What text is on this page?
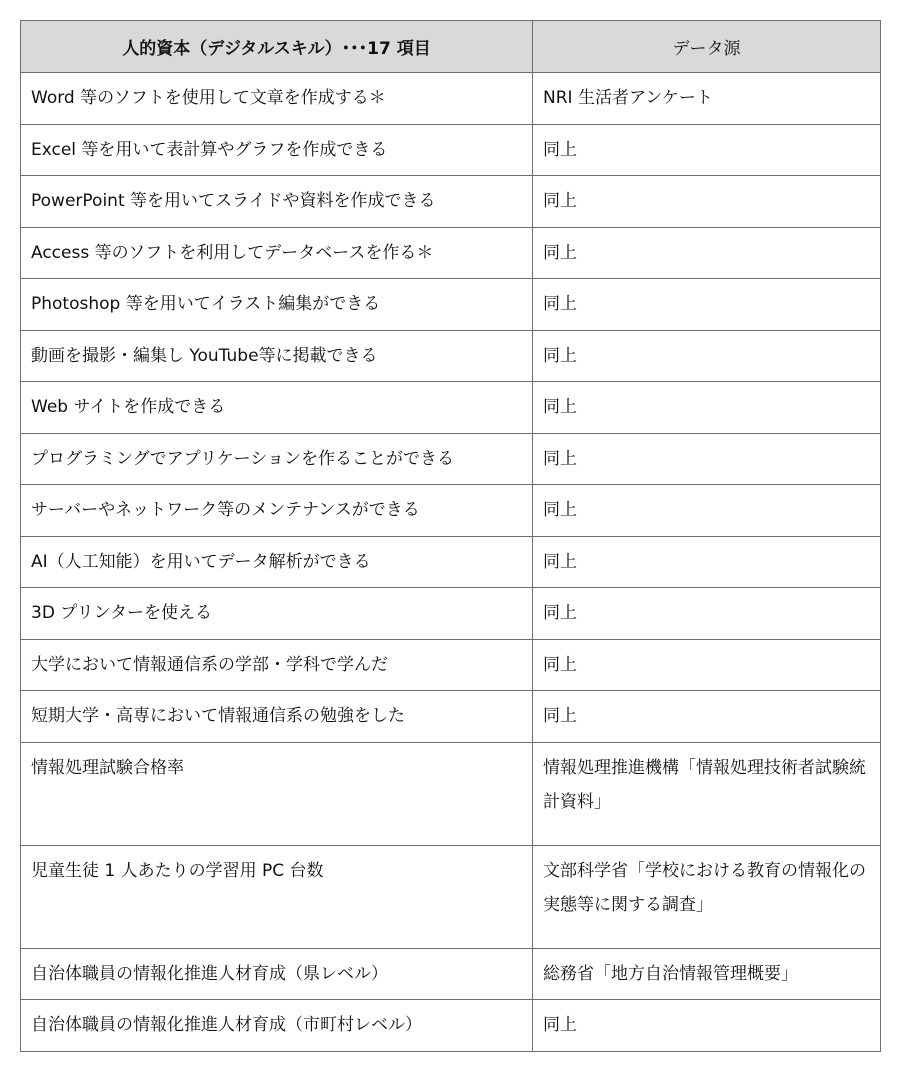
人的資本（デジタルスキル）･･･17 項目	データ源
Word 等のソフトを使用して文章を作成する＊	NRI 生活者アンケート
Excel 等を用いて表計算やグラフを作成できる	同上
PowerPoint 等を用いてスライドや資料を作成できる	同上
Access 等のソフトを利用してデータベースを作る＊	同上
Photoshop 等を用いてイラスト編集ができる	同上
動画を撮影・編集し YouTube等に掲載できる	同上
Web サイトを作成できる	同上
プログラミングでアプリケーションを作ることができる	同上
サーバーやネットワーク等のメンテナンスができる	同上
AI（人工知能）を用いてデータ解析ができる	同上
3D プリンターを使える	同上
大学において情報通信系の学部・学科で学んだ	同上
短期大学・高専において情報通信系の勉強をした	同上
情報処理試験合格率	情報処理推進機構「情報処理技術者試験統計資料」
児童生徒 1 人あたりの学習用 PC 台数	文部科学省「学校における教育の情報化の実態等に関する調査」
自治体職員の情報化推進人材育成（県レベル）	総務省「地方自治情報管理概要」
自治体職員の情報化推進人材育成（市町村レベル）	同上
